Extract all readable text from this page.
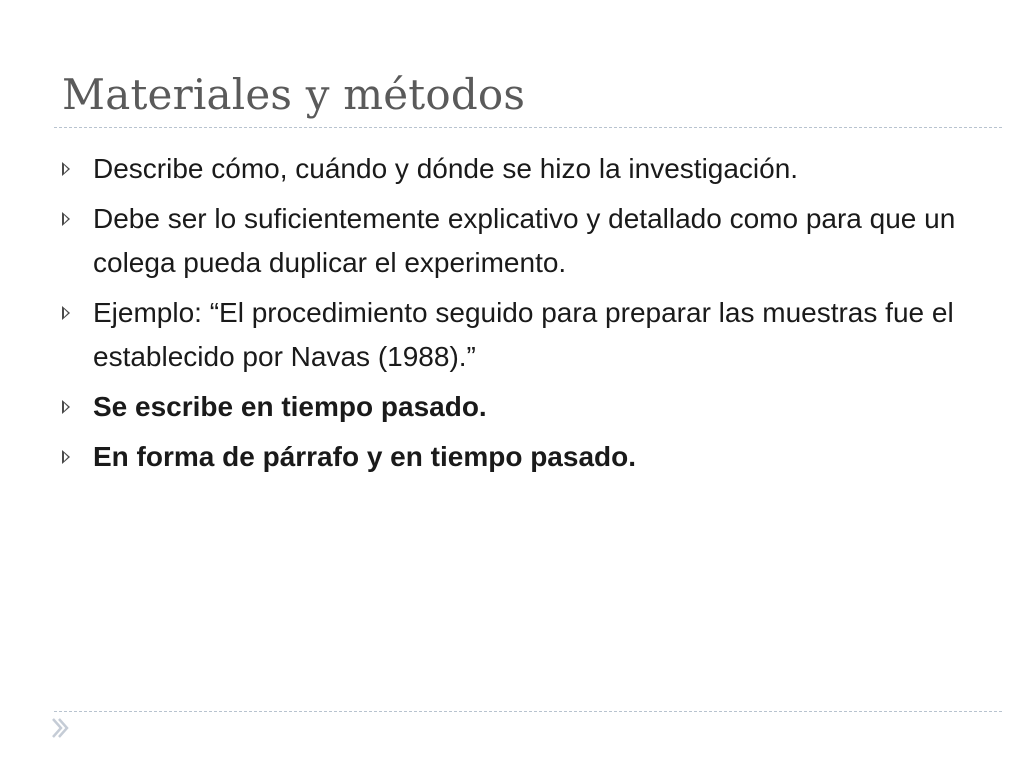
Materiales y métodos
Describe cómo, cuándo y dónde se hizo la investigación.
Debe ser lo suficientemente explicativo y detallado como para que un colega pueda duplicar el experimento.
Ejemplo: “El procedimiento seguido para preparar las muestras fue el establecido por Navas (1988).”
Se escribe en tiempo pasado.
En forma de párrafo y en tiempo pasado.
